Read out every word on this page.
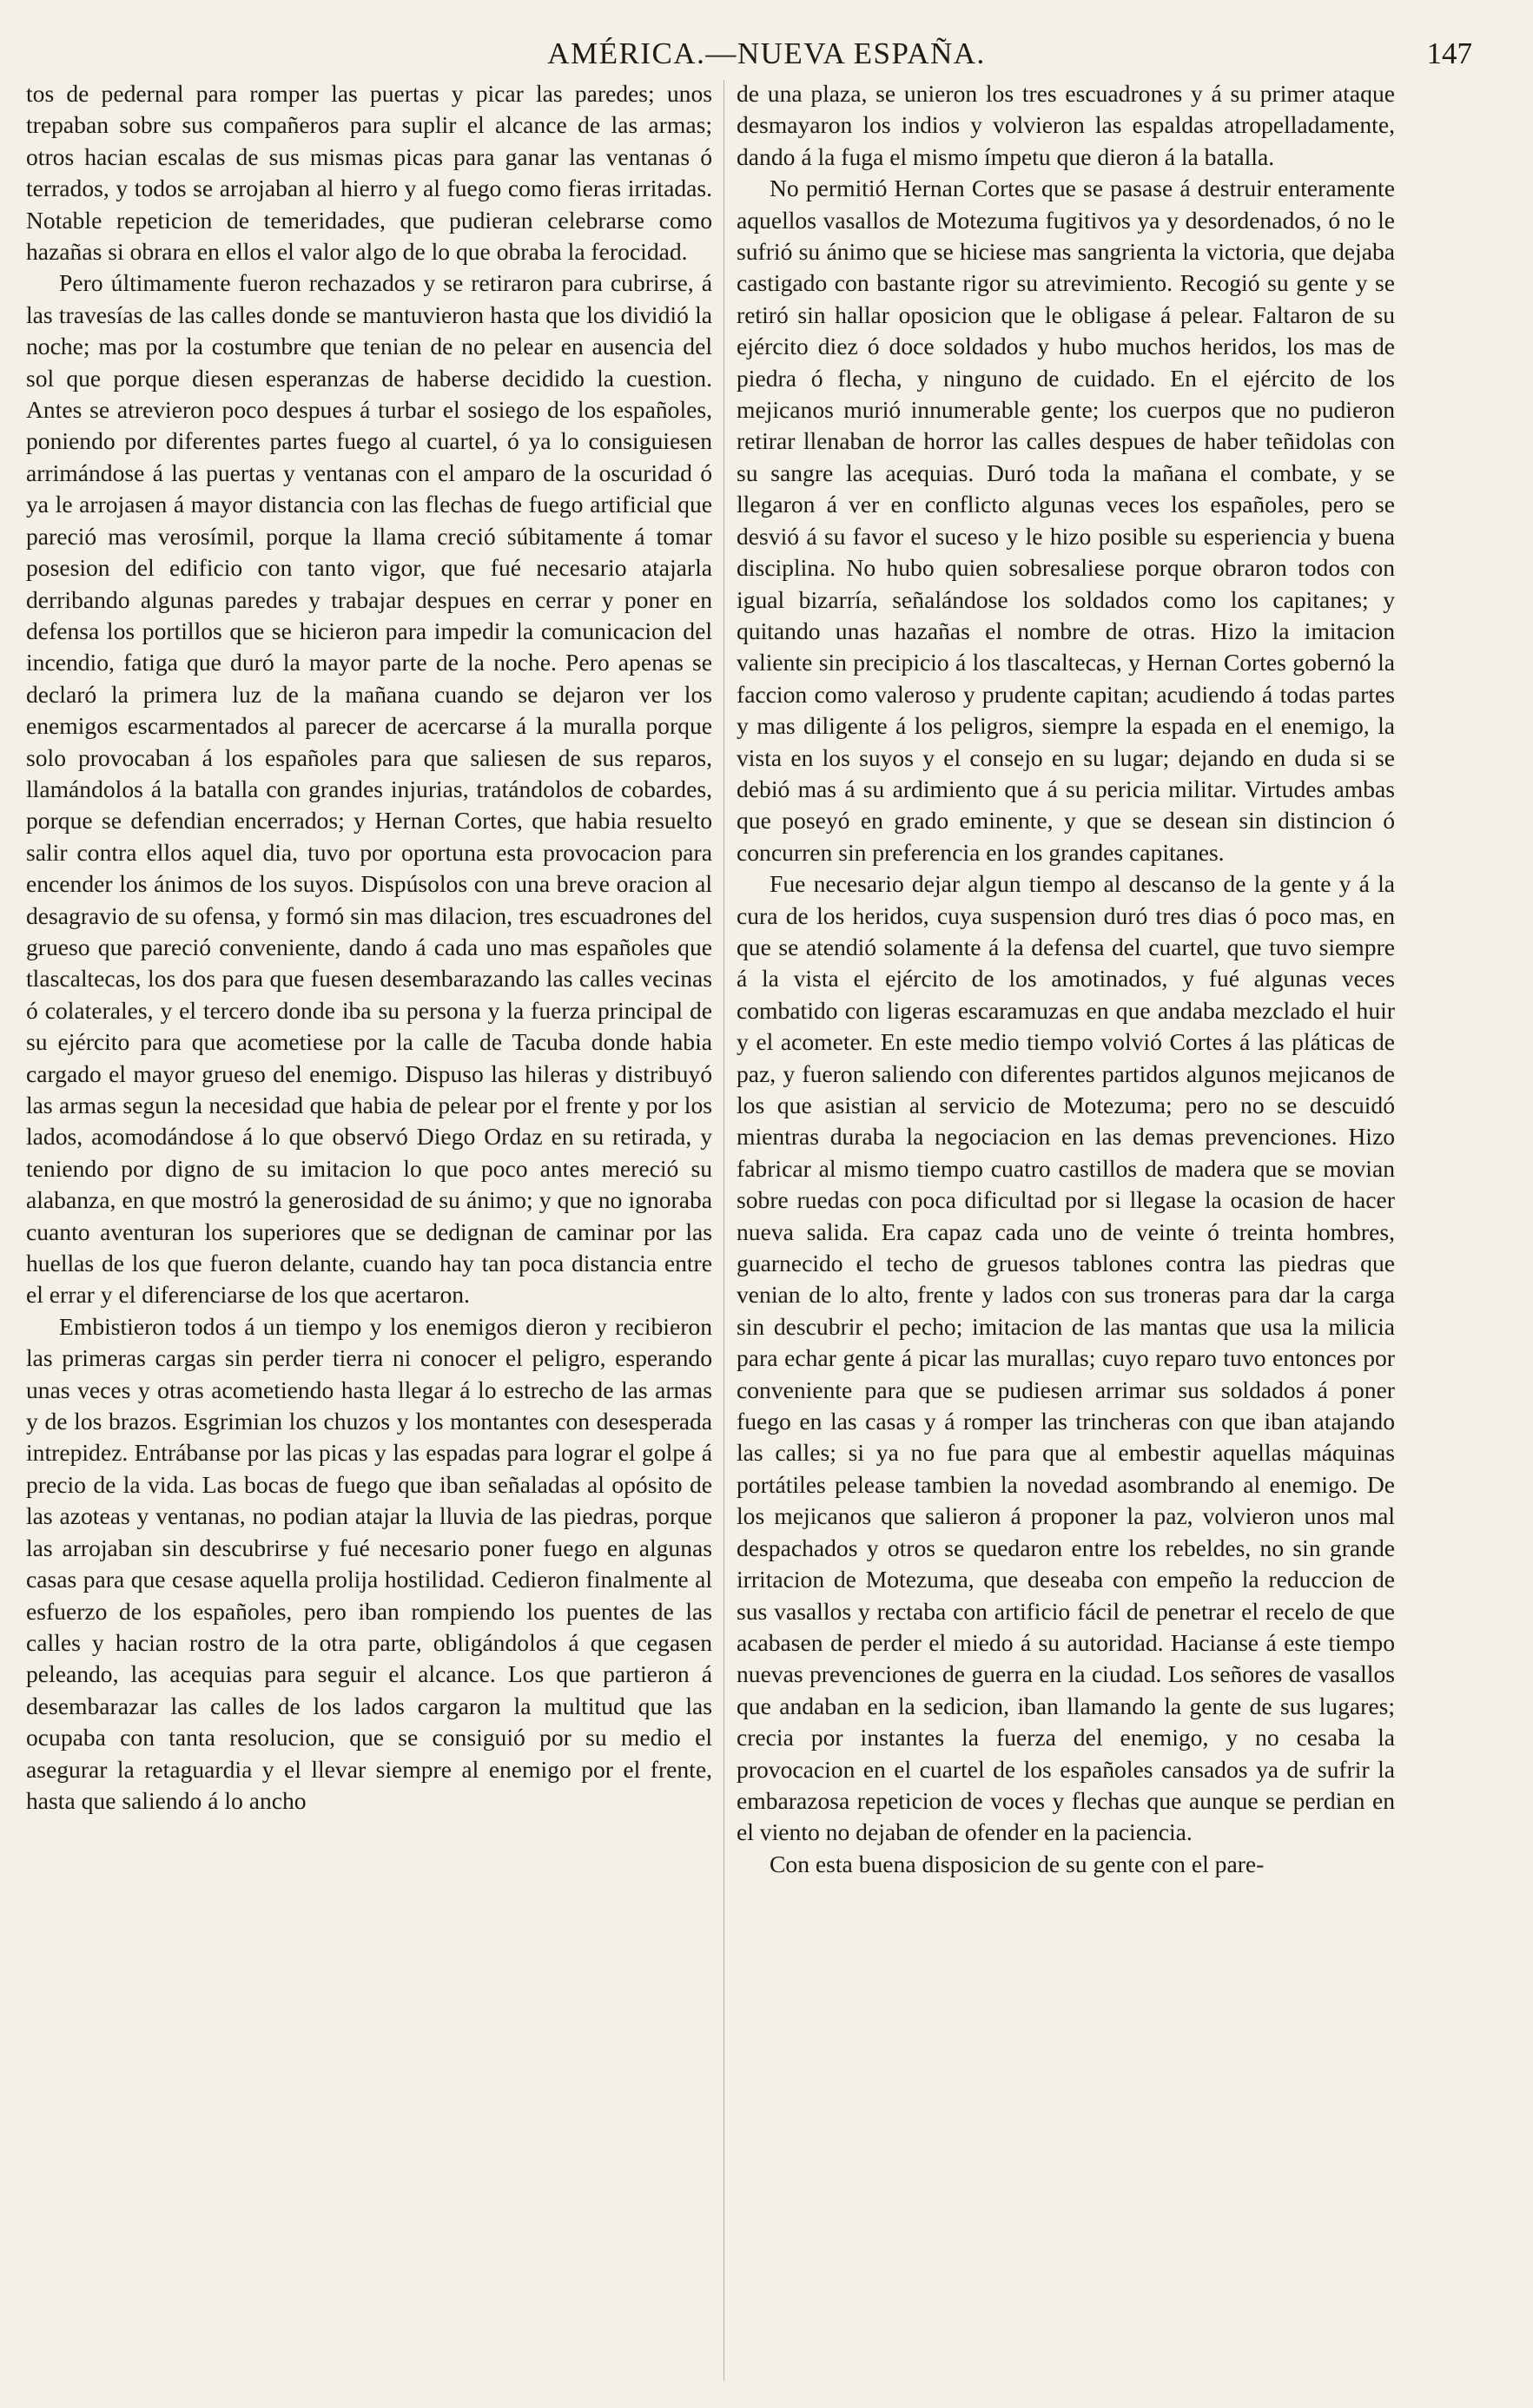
AMÉRICA.—NUEVA ESPAÑA.	147

tos de pedernal para romper las puertas y picar las paredes; unos trepaban sobre sus compañeros para suplir el alcance de las armas; otros hacian escalas de sus mismas picas para ganar las ventanas ó terrados, y todos se arrojaban al hierro y al fuego como fieras irritadas. Notable repeticion de temeridades, que pudieran celebrarse como hazañas si obrara en ellos el valor algo de lo que obraba la ferocidad.

Pero últimamente fueron rechazados y se retiraron para cubrirse, á las travesías de las calles donde se mantuvieron hasta que los dividió la noche; mas por la costumbre que tenian de no pelear en ausencia del sol que porque diesen esperanzas de haberse decidido la cuestion. Antes se atrevieron poco despues á turbar el sosiego de los españoles, poniendo por diferentes partes fuego al cuartel, ó ya lo consiguiesen arrimándose á las puertas y ventanas con el amparo de la oscuridad ó ya le arrojasen á mayor distancia con las flechas de fuego artificial que pareció mas verosímil, porque la llama creció súbitamente á tomar posesion del edificio con tanto vigor, que fué necesario atajarla derribando algunas paredes y trabajar despues en cerrar y poner en defensa los portillos que se hicieron para impedir la comunicacion del incendio, fatiga que duró la mayor parte de la noche. Pero apenas se declaró la primera luz de la mañana cuando se dejaron ver los enemigos escarmentados al parecer de acercarse á la muralla porque solo provocaban á los españoles para que saliesen de sus reparos, llamándolos á la batalla con grandes injurias, tratándolos de cobardes, porque se defendian encerrados; y Hernan Cortes, que habia resuelto salir contra ellos aquel dia, tuvo por oportuna esta provocacion para encender los ánimos de los suyos. Dispúsolos con una breve oracion al desagravio de su ofensa, y formó sin mas dilacion, tres escuadrones del grueso que pareció conveniente, dando á cada uno mas españoles que tlascaltecas, los dos para que fuesen desembarazando las calles vecinas ó colaterales, y el tercero donde iba su persona y la fuerza principal de su ejército para que acometiese por la calle de Tacuba donde habia cargado el mayor grueso del enemigo. Dispuso las hileras y distribuyó las armas segun la necesidad que habia de pelear por el frente y por los lados, acomodándose á lo que observó Diego Ordaz en su retirada, y teniendo por digno de su imitacion lo que poco antes mereció su alabanza, en que mostró la generosidad de su ánimo; y que no ignoraba cuanto aventuran los superiores que se dedignan de caminar por las huellas de los que fueron delante, cuando hay tan poca distancia entre el errar y el diferenciarse de los que acertaron.

Embistieron todos á un tiempo y los enemigos dieron y recibieron las primeras cargas sin perder tierra ni conocer el peligro, esperando unas veces y otras acometiendo hasta llegar á lo estrecho de las armas y de los brazos. Esgrimian los chuzos y los montantes con desesperada intrepidez. Entrábanse por las picas y las espadas para lograr el golpe á precio de la vida. Las bocas de fuego que iban señaladas al opósito de las azoteas y ventanas, no podian atajar la lluvia de las piedras, porque las arrojaban sin descubrirse y fué necesario poner fuego en algunas casas para que cesase aquella prolija hostilidad. Cedieron finalmente al esfuerzo de los españoles, pero iban rompiendo los puentes de las calles y hacian rostro de la otra parte, obligándolos á que cegasen peleando, las acequias para seguir el alcance. Los que partieron á desembarazar las calles de los lados cargaron la multitud que las ocupaba con tanta resolucion, que se consiguió por su medio el asegurar la retaguardia y el llevar siempre al enemigo por el frente, hasta que saliendo á lo ancho

de una plaza, se unieron los tres escuadrones y á su primer ataque desmayaron los indios y volvieron las espaldas atropelladamente, dando á la fuga el mismo ímpetu que dieron á la batalla.

No permitió Hernan Cortes que se pasase á destruir enteramente aquellos vasallos de Motezuma fugitivos ya y desordenados, ó no le sufrió su ánimo que se hiciese mas sangrienta la victoria, que dejaba castigado con bastante rigor su atrevimiento. Recogió su gente y se retiró sin hallar oposicion que le obligase á pelear. Faltaron de su ejército diez ó doce soldados y hubo muchos heridos, los mas de piedra ó flecha, y ninguno de cuidado. En el ejército de los mejicanos murió innumerable gente; los cuerpos que no pudieron retirar llenaban de horror las calles despues de haber teñidolas con su sangre las acequias. Duró toda la mañana el combate, y se llegaron á ver en conflicto algunas veces los españoles, pero se desvió á su favor el suceso y le hizo posible su esperiencia y buena disciplina. No hubo quien sobresaliese porque obraron todos con igual bizarría, señalándose los soldados como los capitanes; y quitando unas hazañas el nombre de otras. Hizo la imitacion valiente sin precipicio á los tlascaltecas, y Hernan Cortes gobernó la faccion como valeroso y prudente capitan; acudiendo á todas partes y mas diligente á los peligros, siempre la espada en el enemigo, la vista en los suyos y el consejo en su lugar; dejando en duda si se debió mas á su ardimiento que á su pericia militar. Virtudes ambas que poseyó en grado eminente, y que se desean sin distincion ó concurren sin preferencia en los grandes capitanes.

Fue necesario dejar algun tiempo al descanso de la gente y á la cura de los heridos, cuya suspension duró tres dias ó poco mas, en que se atendió solamente á la defensa del cuartel, que tuvo siempre á la vista el ejército de los amotinados, y fué algunas veces combatido con ligeras escaramuzas en que andaba mezclado el huir y el acometer. En este medio tiempo volvió Cortes á las pláticas de paz, y fueron saliendo con diferentes partidos algunos mejicanos de los que asistian al servicio de Motezuma; pero no se descuidó mientras duraba la negociacion en las demas prevenciones. Hizo fabricar al mismo tiempo cuatro castillos de madera que se movian sobre ruedas con poca dificultad por si llegase la ocasion de hacer nueva salida. Era capaz cada uno de veinte ó treinta hombres, guarnecido el techo de gruesos tablones contra las piedras que venian de lo alto, frente y lados con sus troneras para dar la carga sin descubrir el pecho; imitacion de las mantas que usa la milicia para echar gente á picar las murallas; cuyo reparo tuvo entonces por conveniente para que se pudiesen arrimar sus soldados á poner fuego en las casas y á romper las trincheras con que iban atajando las calles; si ya no fue para que al embestir aquellas máquinas portátiles pelease tambien la novedad asombrando al enemigo. De los mejicanos que salieron á proponer la paz, volvieron unos mal despachados y otros se quedaron entre los rebeldes, no sin grande irritacion de Motezuma, que deseaba con empeño la reduccion de sus vasallos y rectaba con artificio fácil de penetrar el recelo de que acabasen de perder el miedo á su autoridad. Hacianse á este tiempo nuevas prevenciones de guerra en la ciudad. Los señores de vasallos que andaban en la sedicion, iban llamando la gente de sus lugares; crecia por instantes la fuerza del enemigo, y no cesaba la provocacion en el cuartel de los españoles cansados ya de sufrir la embarazosa repeticion de voces y flechas que aunque se perdian en el viento no dejaban de ofender en la paciencia.

Con esta buena disposicion de su gente con el pare-
